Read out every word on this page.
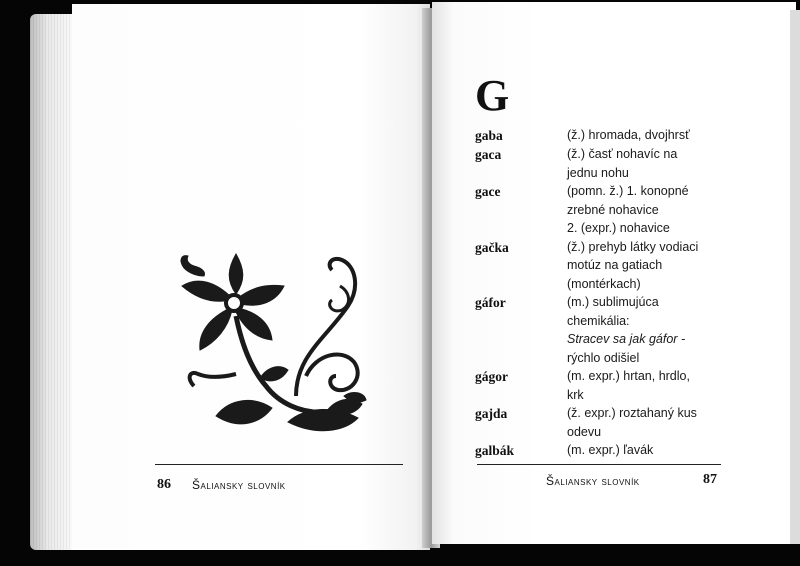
86 Šaliansky slovník	Šaliansky slovník	87
G
gaba	(ž.) hromada, dvojhrsť
gaca	(ž.) časť nohavíc na
jednu nohu
gace	(pomn. ž.) 1. konopné
zrebné nohavice
2. (expr.) nohavice
gačka	(ž.) prehyb látky vodiaci
motúz na gatiach
(montérkach)
gáfor	(m.) sublimujúca
chemikália:
Stracev sa jak gáfor -
rýchlo odišiel
gágor	(m. expr.) hrtan, hrdlo,
krk
gajda	(ž. expr.) roztahaný kus
odevu
galbák	(m. expr.) ľavák
